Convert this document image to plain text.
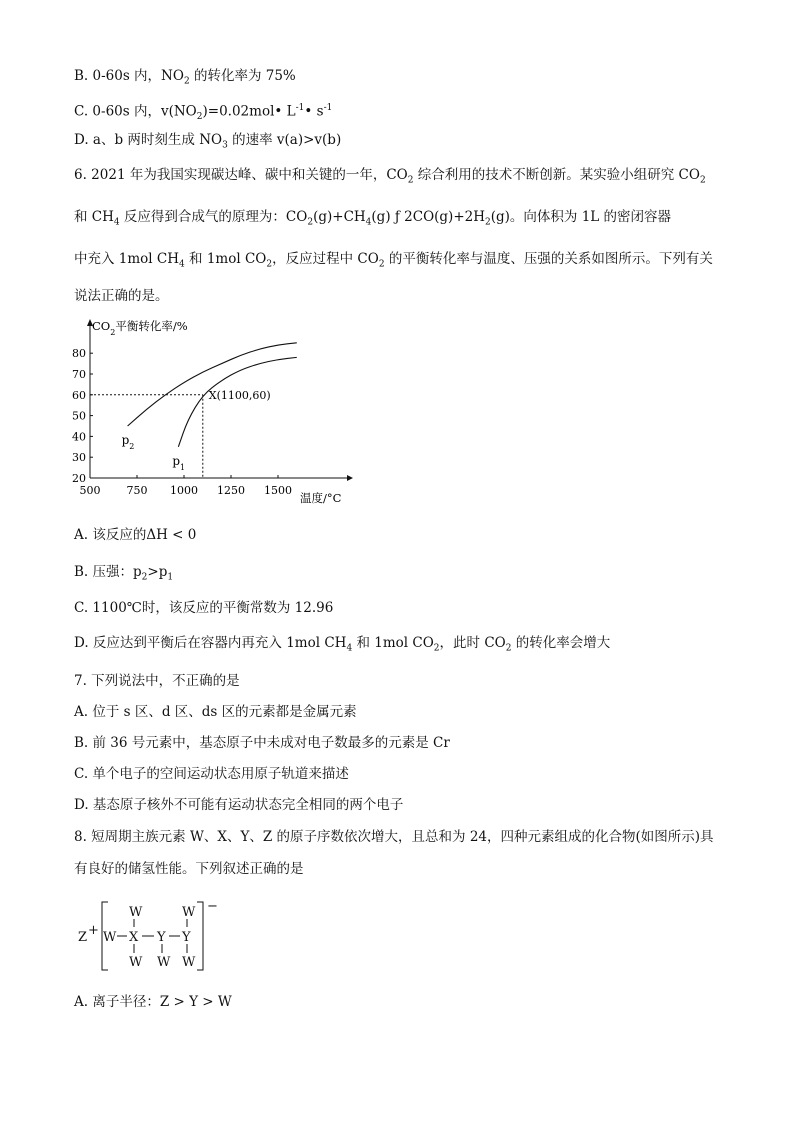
B. 0-60s 内，$NO_2$ 的转化率为 75%
C. 0-60s 内，$v(NO_2)=0.02mol•$ $L^{-1}•$ $s^{-1}$
D. a、b 两时刻生成 $NO_3$ 的速率 v(a)>v(b)
6. 2021 年为我国实现碳达峰、碳中和关键的一年，$CO_2$ 综合利用的技术不断创新。某实验小组研究 $CO_2$
和 $CH_4$ 反应得到合成气的原理为：$CO_2(g)+CH_4(g)$ ƒ $2CO(g)+2H_2(g)$。向体积为 1L 的密闭容器
中充入 1mol $CH_4$ 和 1mol $CO_2$，反应过程中 $CO_2$ 的平衡转化率与温度、压强的关系如图所示。下列有关
说法正确的是。
$CO_2$平衡转化率/%
温度/°C
500 750 1000 1250 1500
20
30
40
50
60
70
80
X(1100,60)
$p_2$
$p_1$
A. 该反应的ΔH < 0
B. 压强：$p_2>p_1$
C. 1100℃时，该反应的平衡常数为 12.96
D. 反应达到平衡后在容器内再充入 1mol $CH_4$ 和 1mol $CO_2$，此时 $CO_2$ 的转化率会增大
7. 下列说法中，不正确的是
A. 位于 s 区、d 区、ds 区的元素都是金属元素
B. 前 36 号元素中，基态原子中未成对电子数最多的元素是 Cr
C. 单个电子的空间运动状态用原子轨道来描述
D. 基态原子核外不可能有运动状态完全相同的两个电子
8. 短周期主族元素 W、X、Y、Z 的原子序数依次增大，且总和为 24，四种元素组成的化合物(如图所示)具
有良好的储氢性能。下列叙述正确的是
Z +
−
W X Y Y
W	W
W W W
A. 离子半径：Z > Y > W
